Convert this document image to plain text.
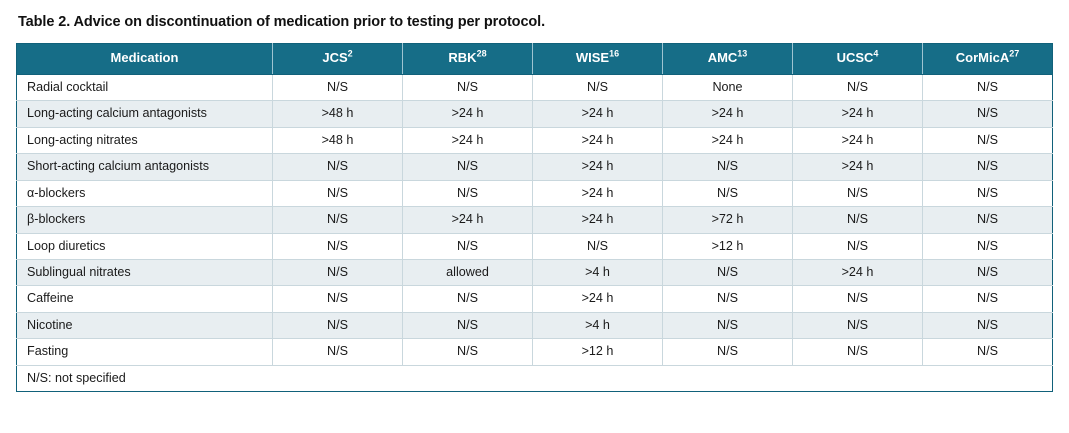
Table 2. Advice on discontinuation of medication prior to testing per protocol.
Medication	JCS$^2$	RBK$^{28}$	WISE$^{16}$	AMC$^{13}$	UCSC$^4$	CorMicA$^{27}$
Radial cocktail	N/S	N/S	N/S	None	N/S	N/S
Long-acting calcium antagonists	>48 h	>24 h	>24 h	>24 h	>24 h	N/S
Long-acting nitrates	>48 h	>24 h	>24 h	>24 h	>24 h	N/S
Short-acting calcium antagonists	N/S	N/S	>24 h	N/S	>24 h	N/S
α-blockers	N/S	N/S	>24 h	N/S	N/S	N/S
β-blockers	N/S	>24 h	>24 h	>72 h	N/S	N/S
Loop diuretics	N/S	N/S	N/S	>12 h	N/S	N/S
Sublingual nitrates	N/S	allowed	>4 h	N/S	>24 h	N/S
Caffeine	N/S	N/S	>24 h	N/S	N/S	N/S
Nicotine	N/S	N/S	>4 h	N/S	N/S	N/S
Fasting	N/S	N/S	>12 h	N/S	N/S	N/S
N/S: not specified						
